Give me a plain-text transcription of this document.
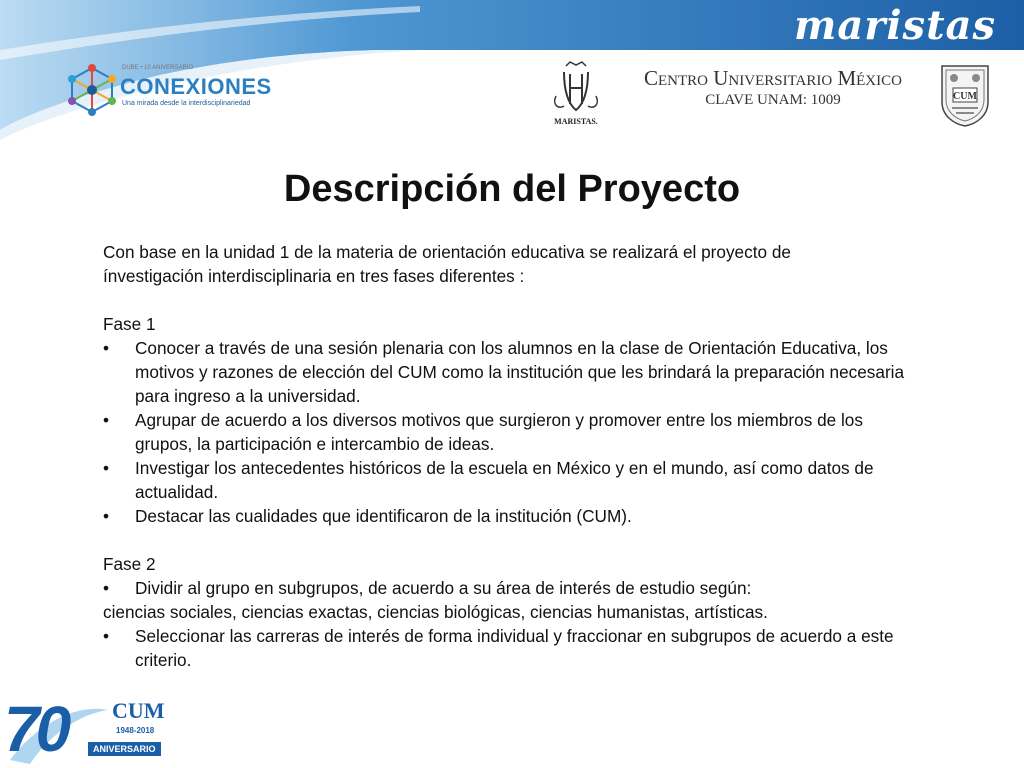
maristas
DUBE • 10 ANIVERSARIO
CONEXIONES
Una mirada desde la interdisciplinariedad
MARISTAS.
Centro Universitario México
CLAVE UNAM: 1009	CUM
Descripción del Proyecto

Con base en la unidad 1 de la materia de orientación educativa se realizará el proyecto de

ínvestigación interdisciplinaria en tres fases diferentes :

Fase 1

• Conocer a través de una sesión plenaria con los alumnos en la clase de Orientación Educativa, los motivos y razones de elección del CUM como la institución que les brindará la preparación necesaria para ingreso a la universidad.

• Agrupar de acuerdo a los diversos motivos que surgieron y promover entre los miembros de los grupos, la participación e intercambio de ideas.

• Investigar los antecedentes históricos de la escuela en México y en el mundo, así como datos de actualidad.

• Destacar las cualidades que identificaron de la institución (CUM).

Fase 2

• Dividir al grupo en subgrupos, de acuerdo a su área de interés de estudio según:

ciencias sociales, ciencias exactas, ciencias biológicas, ciencias humanistas, artísticas.

• Seleccionar las carreras de interés de forma individual y fraccionar en subgrupos de acuerdo a este criterio.

70 CUM
1948-2018
ANIVERSARIO
